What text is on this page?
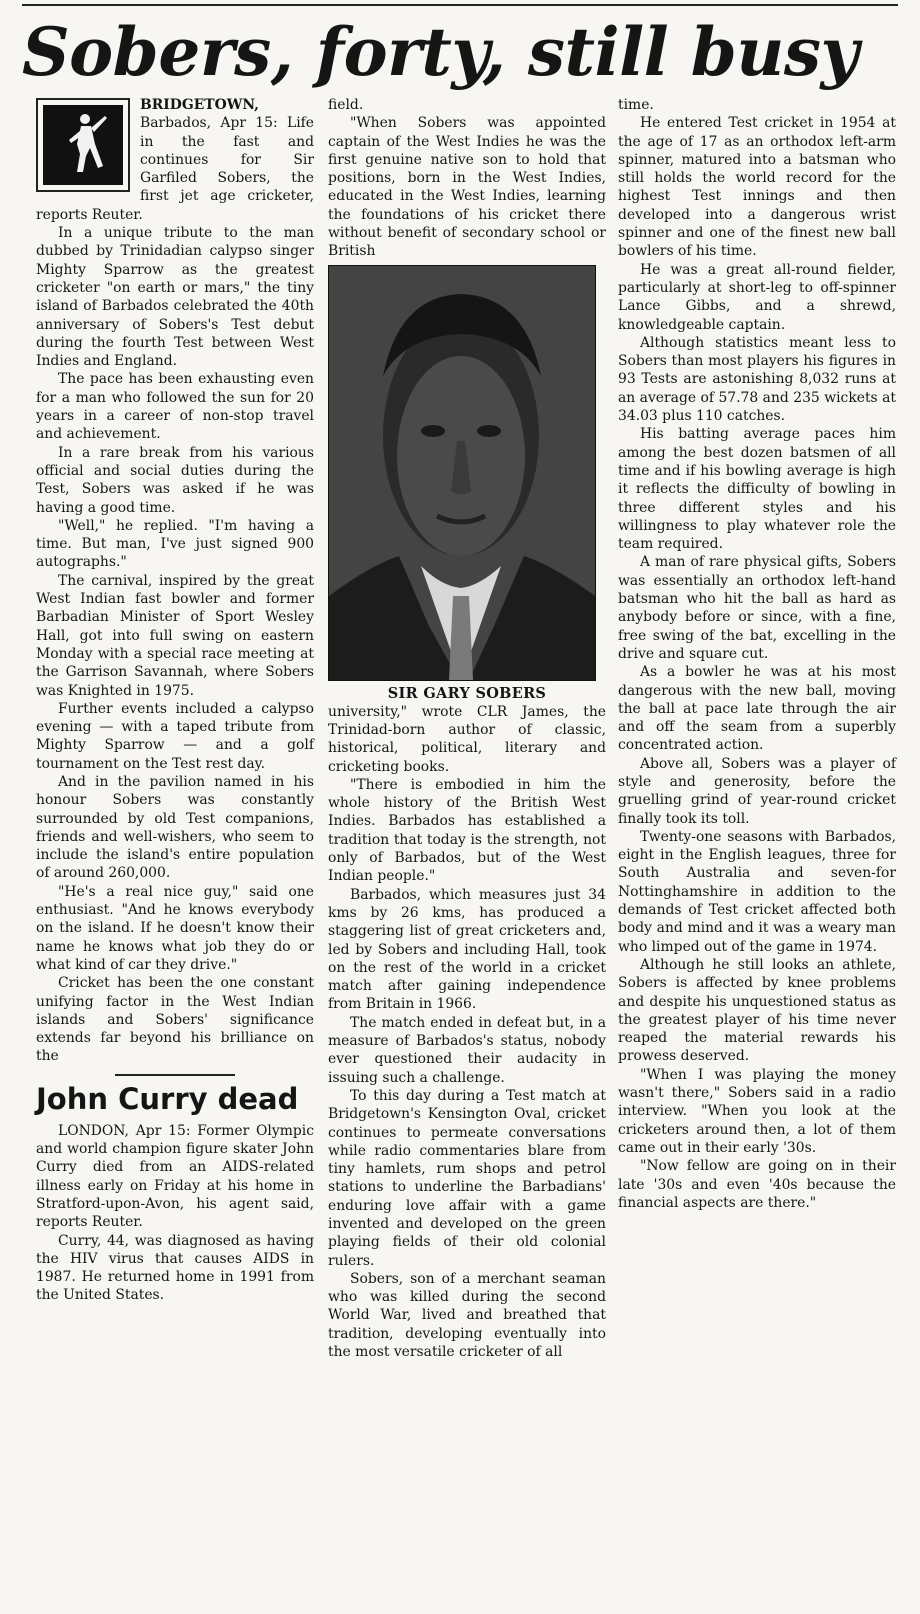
Sobers, forty, still busy

BRIDGETOWN, Barbados, Apr 15: Life in the fast and continues for Sir Garfiled Sobers, the first jet age cricketer, reports Reuter.

In a unique tribute to the man dubbed by Trinidadian calypso singer Mighty Sparrow as the greatest cricketer "on earth or mars," the tiny island of Barbados celebrated the 40th anniversary of Sobers's Test debut during the fourth Test between West Indies and England.

The pace has been exhausting even for a man who followed the sun for 20 years in a career of non-stop travel and achievement.

In a rare break from his various official and social duties during the Test, Sobers was asked if he was having a good time.

"Well," he replied. "I'm having a time. But man, I've just signed 900 autographs."

The carnival, inspired by the great West Indian fast bowler and former Barbadian Minister of Sport Wesley Hall, got into full swing on eastern Monday with a special race meeting at the Garrison Savannah, where Sobers was Knighted in 1975.

Further events included a calypso evening — with a taped tribute from Mighty Sparrow — and a golf tournament on the Test rest day.

And in the pavilion named in his honour Sobers was constantly surrounded by old Test companions, friends and well-wishers, who seem to include the island's entire population of around 260,000.

"He's a real nice guy," said one enthusiast. "And he knows everybody on the island. If he doesn't know their name he knows what job they do or what kind of car they drive."

Cricket has been the one constant unifying factor in the West Indian islands and Sobers' significance extends far beyond his brilliance on the

John Curry dead

LONDON, Apr 15: Former Olympic and world champion figure skater John Curry died from an AIDS-related illness early on Friday at his home in Stratford-upon-Avon, his agent said, reports Reuter.

Curry, 44, was diagnosed as having the HIV virus that causes AIDS in 1987. He returned home in 1991 from the United States.

field.

"When Sobers was appointed captain of the West Indies he was the first genuine native son to hold that positions, born in the West Indies, educated in the West Indies, learning the foundations of his cricket there without benefit of secondary school or British

SIR GARY SOBERS

university," wrote CLR James, the Trinidad-born author of classic, historical, political, literary and cricketing books.

"There is embodied in him the whole history of the British West Indies. Barbados has established a tradition that today is the strength, not only of Barbados, but of the West Indian people."

Barbados, which measures just 34 kms by 26 kms, has produced a staggering list of great cricketers and, led by Sobers and including Hall, took on the rest of the world in a cricket match after gaining independence from Britain in 1966.

The match ended in defeat but, in a measure of Barbados's status, nobody ever questioned their audacity in issuing such a challenge.

To this day during a Test match at Bridgetown's Kensington Oval, cricket continues to permeate conversations while radio commentaries blare from tiny hamlets, rum shops and petrol stations to underline the Barbadians' enduring love affair with a game invented and developed on the green playing fields of their old colonial rulers.

Sobers, son of a merchant seaman who was killed during the second World War, lived and breathed that tradition, developing eventually into the most versatile cricketer of all

time.

He entered Test cricket in 1954 at the age of 17 as an orthodox left-arm spinner, matured into a batsman who still holds the world record for the highest Test innings and then developed into a dangerous wrist spinner and one of the finest new ball bowlers of his time.

He was a great all-round fielder, particularly at short-leg to off-spinner Lance Gibbs, and a shrewd, knowledgeable captain.

Although statistics meant less to Sobers than most players his figures in 93 Tests are astonishing 8,032 runs at an average of 57.78 and 235 wickets at 34.03 plus 110 catches.

His batting average paces him among the best dozen batsmen of all time and if his bowling average is high it reflects the difficulty of bowling in three different styles and his willingness to play whatever role the team required.

A man of rare physical gifts, Sobers was essentially an orthodox left-hand batsman who hit the ball as hard as anybody before or since, with a fine, free swing of the bat, excelling in the drive and square cut.

As a bowler he was at his most dangerous with the new ball, moving the ball at pace late through the air and off the seam from a superbly concentrated action.

Above all, Sobers was a player of style and generosity, before the gruelling grind of year-round cricket finally took its toll.

Twenty-one seasons with Barbados, eight in the English leagues, three for South Australia and seven-for Nottinghamshire in addition to the demands of Test cricket affected both body and mind and it was a weary man who limped out of the game in 1974.

Although he still looks an athlete, Sobers is affected by knee problems and despite his unquestioned status as the greatest player of his time never reaped the material rewards his prowess deserved.

"When I was playing the money wasn't there," Sobers said in a radio interview. "When you look at the cricketers around then, a lot of them came out in their early '30s.

"Now fellow are going on in their late '30s and even '40s because the financial aspects are there."
